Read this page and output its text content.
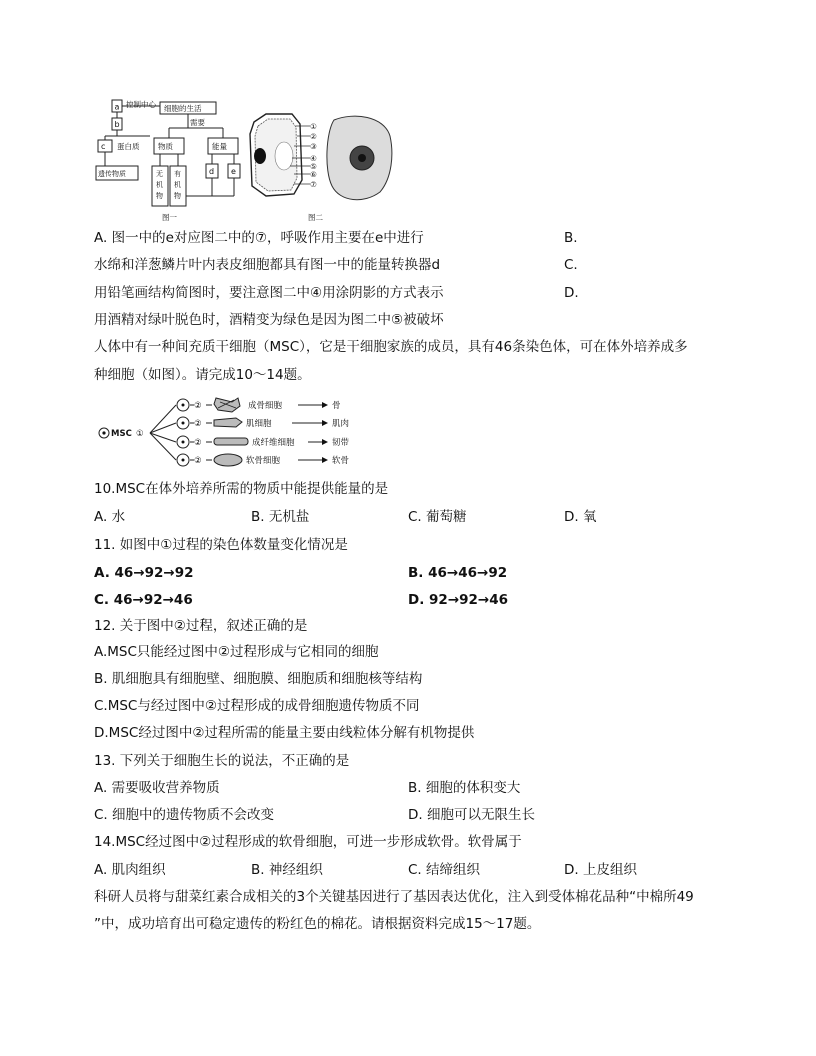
a 控制中心 细胞的生活
b	需要
c 蛋白质 物质	能量
无
机
物
有
机
物
d e
遗传物质
图一
①
②
③
④
⑤
⑥
⑦
图二
A. 图一中的e对应图二中的⑦，呼吸作用主要在e中进行	B.
水绵和洋葱鳞片叶内表皮细胞都具有图一中的能量转换器d	C.
用铅笔画结构简图时，要注意图二中④用涂阴影的方式表示	D.
用酒精对绿叶脱色时，酒精变为绿色是因为图二中⑤被破坏
人体中有一种间充质干细胞（MSC），它是干细胞家族的成员，具有46条染色体，可在体外培养成多
种细胞（如图）。请完成10～14题。
MSC ①
②
②
②
②
成骨细胞
肌细胞
成纤维细胞
软骨细胞
骨
肌肉
韧带
软骨
10.MSC在体外培养所需的物质中能提供能量的是
A. 水	B. 无机盐	C. 葡萄糖	D. 氧
11. 如图中①过程的染色体数量变化情况是
A. 46→92→92	B. 46→46→92
C. 46→92→46	D. 92→92→46
12. 关于图中②过程，叙述正确的是
A.MSC只能经过图中②过程形成与它相同的细胞
B. 肌细胞具有细胞壁、细胞膜、细胞质和细胞核等结构
C.MSC与经过图中②过程形成的成骨细胞遗传物质不同
D.MSC经过图中②过程所需的能量主要由线粒体分解有机物提供
13. 下列关于细胞生长的说法，不正确的是
A. 需要吸收营养物质	B. 细胞的体积变大
C. 细胞中的遗传物质不会改变	D. 细胞可以无限生长
14.MSC经过图中②过程形成的软骨细胞，可进一步形成软骨。软骨属于
A. 肌肉组织	B. 神经组织	C. 结缔组织	D. 上皮组织
科研人员将与甜菜红素合成相关的3个关键基因进行了基因表达优化，注入到受体棉花品种“中棉所49
”中，成功培育出可稳定遗传的粉红色的棉花。请根据资料完成15～17题。
